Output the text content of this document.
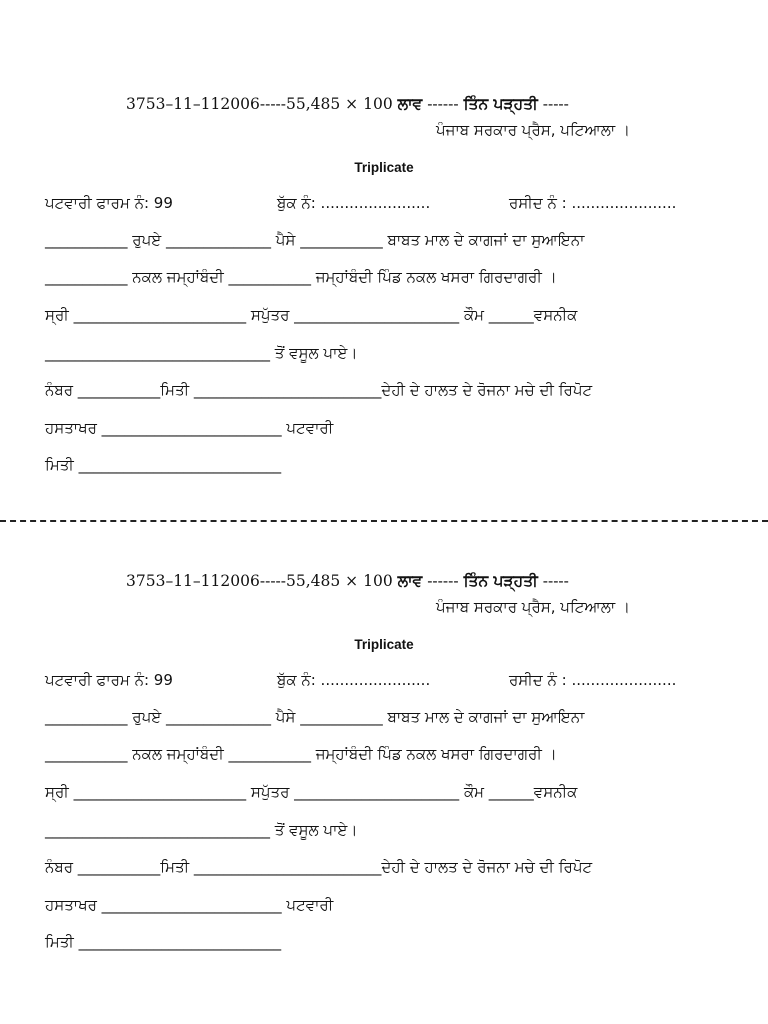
3753–11–112006-----55,485 × 100 ਲਾਵ ------ ਤਿੰਨ ਪੜ੍ਹਤੀ -----
ਪੰਜਾਬ ਸਰਕਾਰ ਪ੍ਰੈਸ, ਪਟਿਆਲਾ ।
Triplicate
ਪਟਵਾਰੀ ਫਾਰਮ ਨੰ: 99	ਬੁੱਕ ਨੰ: .......................	ਰਸੀਦ ਨੰ : ......................
___________ ਰੁਪਏ ______________ ਪੈਸੇ ___________ ਬਾਬਤ ਮਾਲ ਦੇ ਕਾਗਜਾਂ ਦਾ ਸੁਆਇਨਾ
___________ ਨਕਲ ਜਮ੍ਹਾਂਬੰਦੀ ___________ ਜਮ੍ਹਾਂਬੰਦੀ ਪਿੰਡ ਨਕਲ ਖਸਰਾ ਗਿਰਦਾਗਰੀ ।
ਸ੍ਰੀ _______________________ ਸਪੁੱਤਰ ______________________ ਕੌਮ ______ਵਸਨੀਕ
______________________________ ਤੋਂ ਵਸੂਲ ਪਾਏ।
ਨੰਬਰ ___________ਮਿਤੀ _________________________ਦੇਹੀ ਦੇ ਹਾਲਤ ਦੇ ਰੋਜਨਾ ਮਚੇ ਦੀ ਰਿਪੋਟ
ਹਸਤਾਖਰ ________________________ ਪਟਵਾਰੀ
ਮਿਤੀ ___________________________
3753–11–112006-----55,485 × 100 ਲਾਵ ------ ਤਿੰਨ ਪੜ੍ਹਤੀ -----
ਪੰਜਾਬ ਸਰਕਾਰ ਪ੍ਰੈਸ, ਪਟਿਆਲਾ ।
Triplicate
ਪਟਵਾਰੀ ਫਾਰਮ ਨੰ: 99	ਬੁੱਕ ਨੰ: .......................	ਰਸੀਦ ਨੰ : ......................
___________ ਰੁਪਏ ______________ ਪੈਸੇ ___________ ਬਾਬਤ ਮਾਲ ਦੇ ਕਾਗਜਾਂ ਦਾ ਸੁਆਇਨਾ
___________ ਨਕਲ ਜਮ੍ਹਾਂਬੰਦੀ ___________ ਜਮ੍ਹਾਂਬੰਦੀ ਪਿੰਡ ਨਕਲ ਖਸਰਾ ਗਿਰਦਾਗਰੀ ।
ਸ੍ਰੀ _______________________ ਸਪੁੱਤਰ ______________________ ਕੌਮ ______ਵਸਨੀਕ
______________________________ ਤੋਂ ਵਸੂਲ ਪਾਏ।
ਨੰਬਰ ___________ਮਿਤੀ _________________________ਦੇਹੀ ਦੇ ਹਾਲਤ ਦੇ ਰੋਜਨਾ ਮਚੇ ਦੀ ਰਿਪੋਟ
ਹਸਤਾਖਰ ________________________ ਪਟਵਾਰੀ
ਮਿਤੀ ___________________________
